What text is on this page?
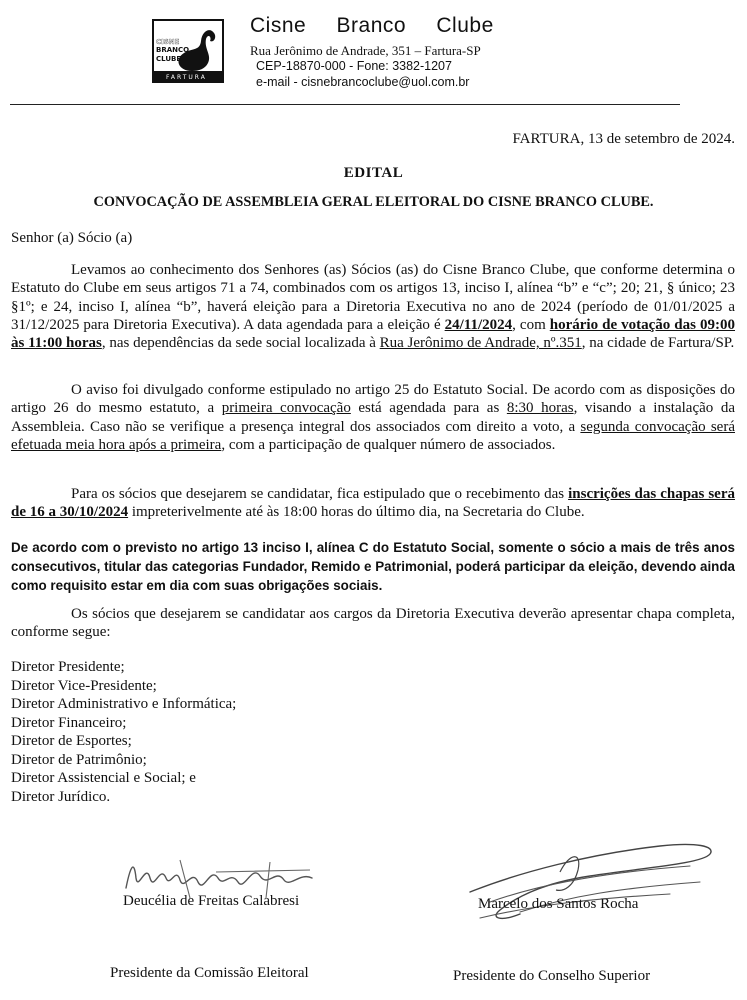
CISNE
BRANCO
CLUBE
FARTURA
Cisne Branco Clube
Rua Jerônimo de Andrade, 351 – Fartura-SP
CEP-18870-000 - Fone: 3382-1207
e-mail - cisnebrancoclube@uol.com.br
FARTURA, 13 de setembro de 2024.
EDITAL
CONVOCAÇÃO DE ASSEMBLEIA GERAL ELEITORAL DO CISNE BRANCO CLUBE.
Senhor (a) Sócio (a)
Levamos ao conhecimento dos Senhores (as) Sócios (as) do Cisne Branco Clube, que conforme determina o Estatuto do Clube em seus artigos 71 a 74, combinados com os artigos 13, inciso I, alínea “b” e “c”; 20; 21, § único; 23 §1º; e 24, inciso I, alínea “b”, haverá eleição para a Diretoria Executiva no ano de 2024 (período de 01/01/2025 a 31/12/2025 para Diretoria Executiva). A data agendada para a eleição é 24/11/2024, com horário de votação das 09:00 às 11:00 horas, nas dependências da sede social localizada à Rua Jerônimo de Andrade, nº.351, na cidade de Fartura/SP.
O aviso foi divulgado conforme estipulado no artigo 25 do Estatuto Social. De acordo com as disposições do artigo 26 do mesmo estatuto, a primeira convocação está agendada para as 8:30 horas, visando a instalação da Assembleia. Caso não se verifique a presença integral dos associados com direito a voto, a segunda convocação será efetuada meia hora após a primeira, com a participação de qualquer número de associados.
Para os sócios que desejarem se candidatar, fica estipulado que o recebimento das inscrições das chapas será de 16 a 30/10/2024 impreterivelmente até às 18:00 horas do último dia, na Secretaria do Clube.
De acordo com o previsto no artigo 13 inciso I, alínea C do Estatuto Social, somente o sócio a mais de três anos consecutivos, titular das categorias Fundador, Remido e Patrimonial, poderá participar da eleição, devendo ainda como requisito estar em dia com suas obrigações sociais.
Os sócios que desejarem se candidatar aos cargos da Diretoria Executiva deverão apresentar chapa completa, conforme segue:
Diretor Presidente;
Diretor Vice-Presidente;
Diretor Administrativo e Informática;
Diretor Financeiro;
Diretor de Esportes;
Diretor de Patrimônio;
Diretor Assistencial e Social; e
Diretor Jurídico.
Deucélia de Freitas Calabresi
Presidente da Comissão Eleitoral
Marcelo dos Santos Rocha
Presidente do Conselho Superior
